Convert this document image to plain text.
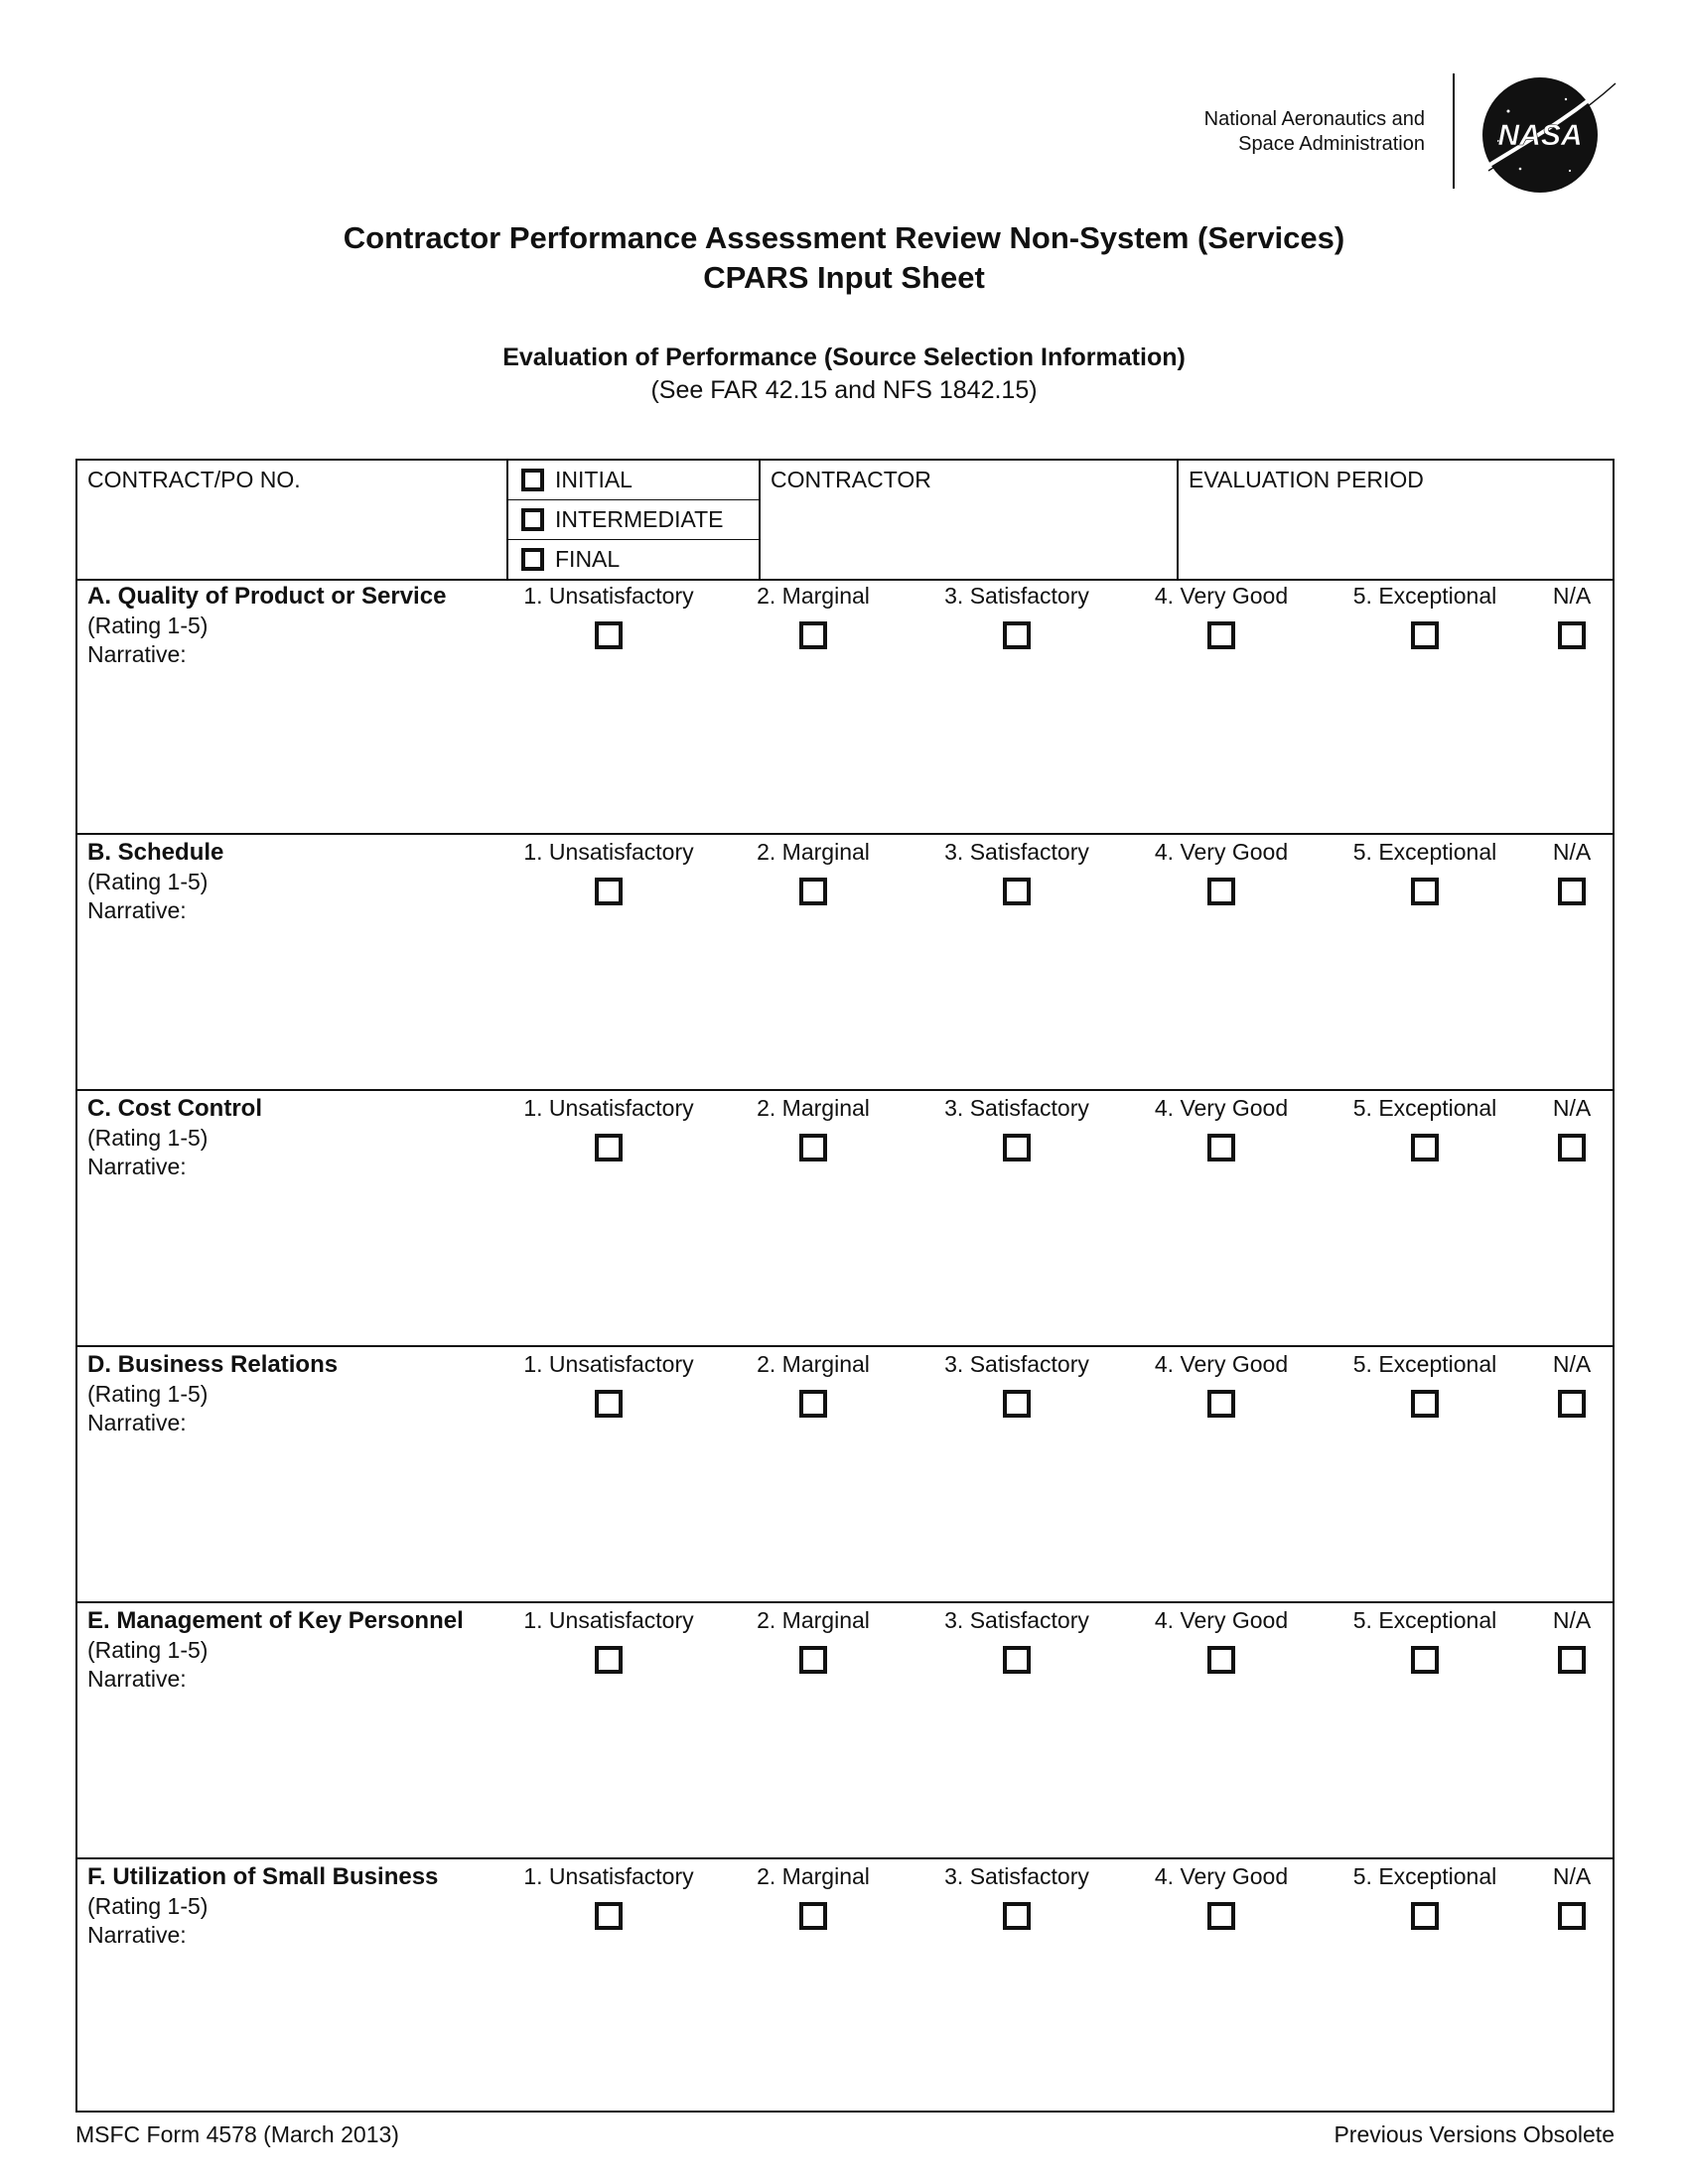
National Aeronautics and
Space Administration NASA
Contractor Performance Assessment Review Non-System (Services)
CPARS Input Sheet
Evaluation of Performance (Source Selection Information)
(See FAR 42.15 and NFS 1842.15)
CONTRACT/PO NO.	INITIAL
INTERMEDIATE
FINAL
CONTRACTOR	EVALUATION PERIOD
A. Quality of Product or Service
(Rating 1-5)
Narrative:
1. Unsatisfactory	2. Marginal	3. Satisfactory	4. Very Good	5. Exceptional	N/A
B. Schedule
(Rating 1-5)
Narrative:
1. Unsatisfactory	2. Marginal	3. Satisfactory	4. Very Good	5. Exceptional	N/A
C. Cost Control
(Rating 1-5)
Narrative:
1. Unsatisfactory	2. Marginal	3. Satisfactory	4. Very Good	5. Exceptional	N/A
D. Business Relations
(Rating 1-5)
Narrative:
1. Unsatisfactory	2. Marginal	3. Satisfactory	4. Very Good	5. Exceptional	N/A
E. Management of Key Personnel
(Rating 1-5)
Narrative:
1. Unsatisfactory	2. Marginal	3. Satisfactory	4. Very Good	5. Exceptional	N/A
F. Utilization of Small Business
(Rating 1-5)
Narrative:
1. Unsatisfactory	2. Marginal	3. Satisfactory	4. Very Good	5. Exceptional	N/A
MSFC Form 4578 (March 2013)	Previous Versions Obsolete
